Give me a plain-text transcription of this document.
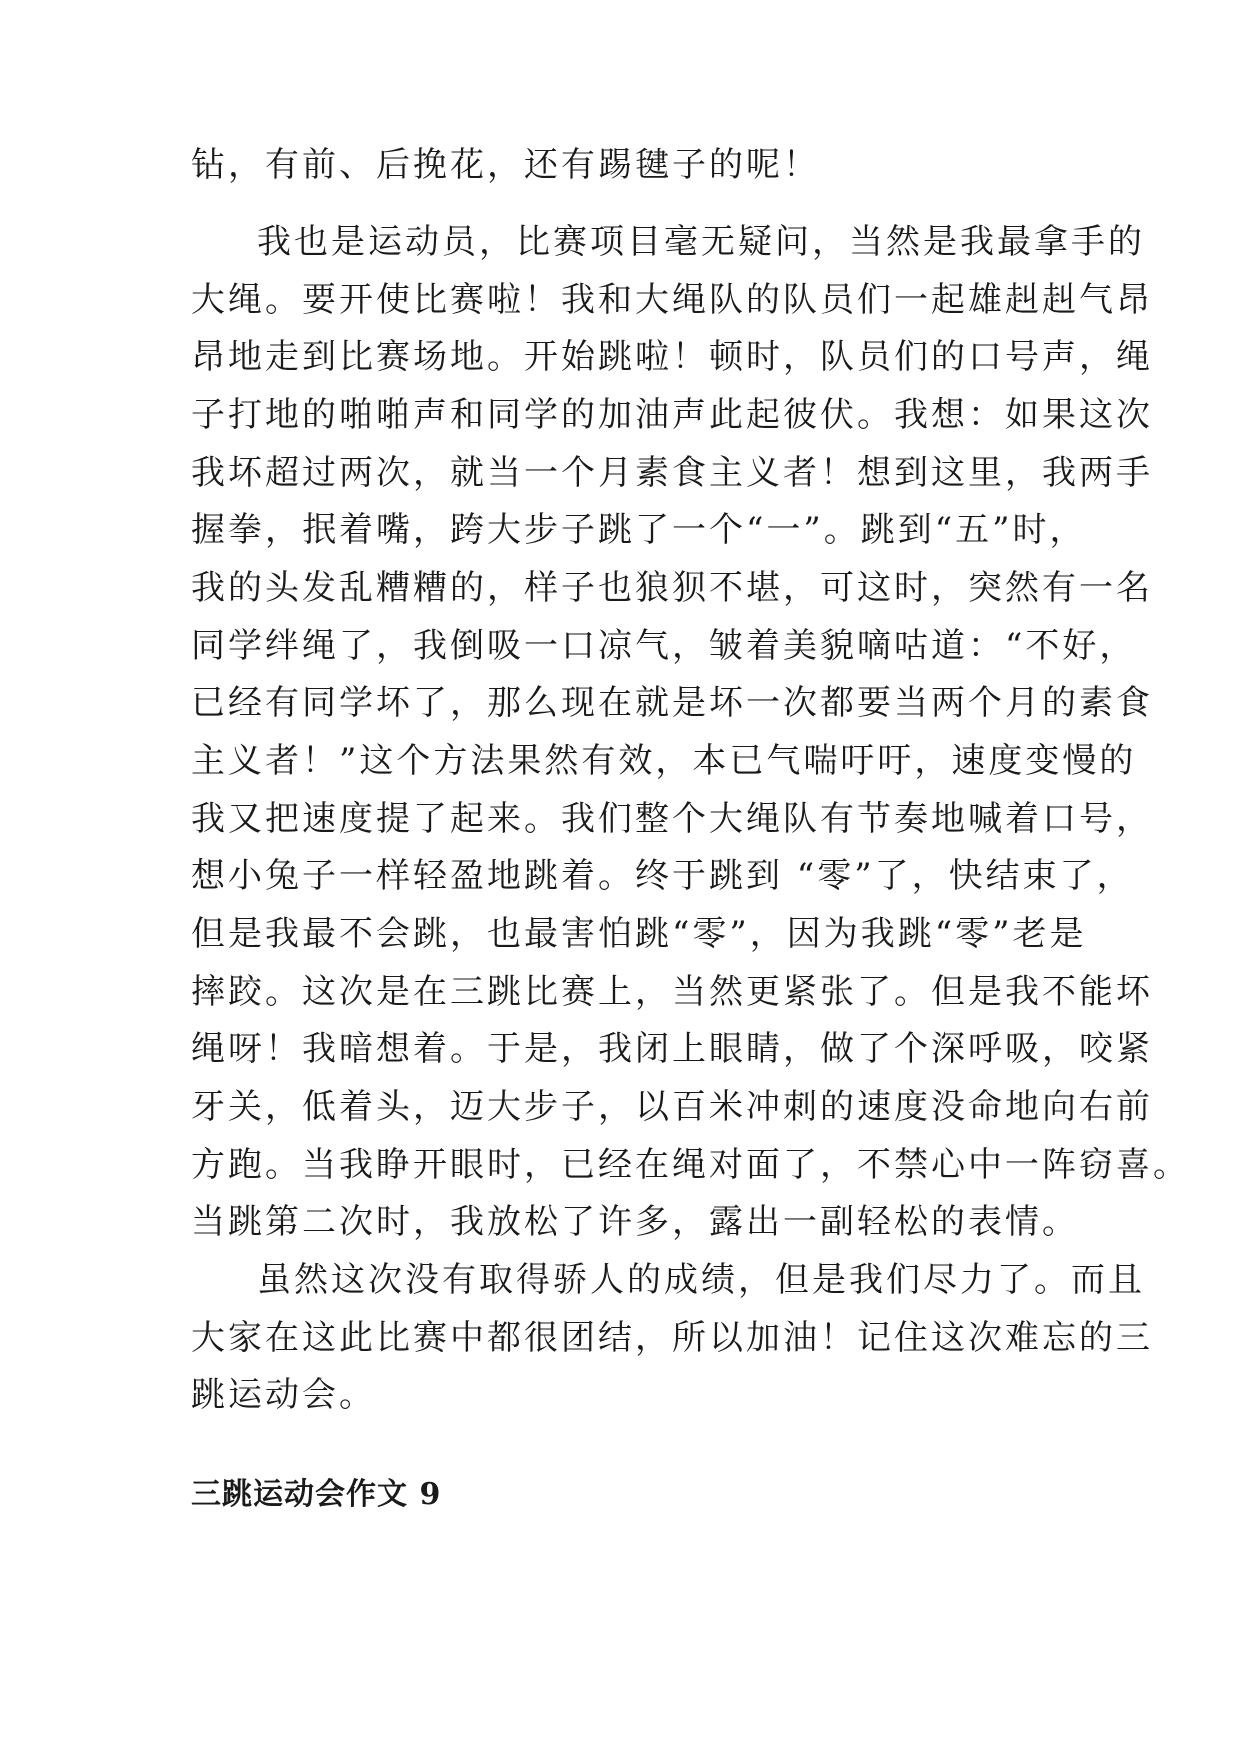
钻，有前、后挽花，还有踢毽子的呢！

我也是运动员，比赛项目毫无疑问，当然是我最拿手的

大绳。要开使比赛啦！我和大绳队的队员们一起雄赳赳气昂

昂地走到比赛场地。开始跳啦！顿时，队员们的口号声，绳

子打地的啪啪声和同学的加油声此起彼伏。我想：如果这次

我坏超过两次，就当一个月素食主义者！想到这里，我两手

握拳，抿着嘴，跨大步子跳了一个“一”。跳到“五”时，

我的头发乱糟糟的，样子也狼狈不堪，可这时，突然有一名

同学绊绳了，我倒吸一口凉气，皱着美貌嘀咕道：“不好，

已经有同学坏了，那么现在就是坏一次都要当两个月的素食

主义者！”这个方法果然有效，本已气喘吁吁，速度变慢的

我又把速度提了起来。我们整个大绳队有节奏地喊着口号，

想小兔子一样轻盈地跳着。终于跳到 “零”了，快结束了，

但是我最不会跳，也最害怕跳“零”，因为我跳“零”老是

摔跤。这次是在三跳比赛上，当然更紧张了。但是我不能坏

绳呀！我暗想着。于是，我闭上眼睛，做了个深呼吸，咬紧

牙关，低着头，迈大步子，以百米冲刺的速度没命地向右前

方跑。当我睁开眼时，已经在绳对面了，不禁心中一阵窃喜。

当跳第二次时，我放松了许多，露出一副轻松的表情。

虽然这次没有取得骄人的成绩，但是我们尽力了。而且

大家在这此比赛中都很团结，所以加油！记住这次难忘的三

跳运动会。

三跳运动会作文 9
